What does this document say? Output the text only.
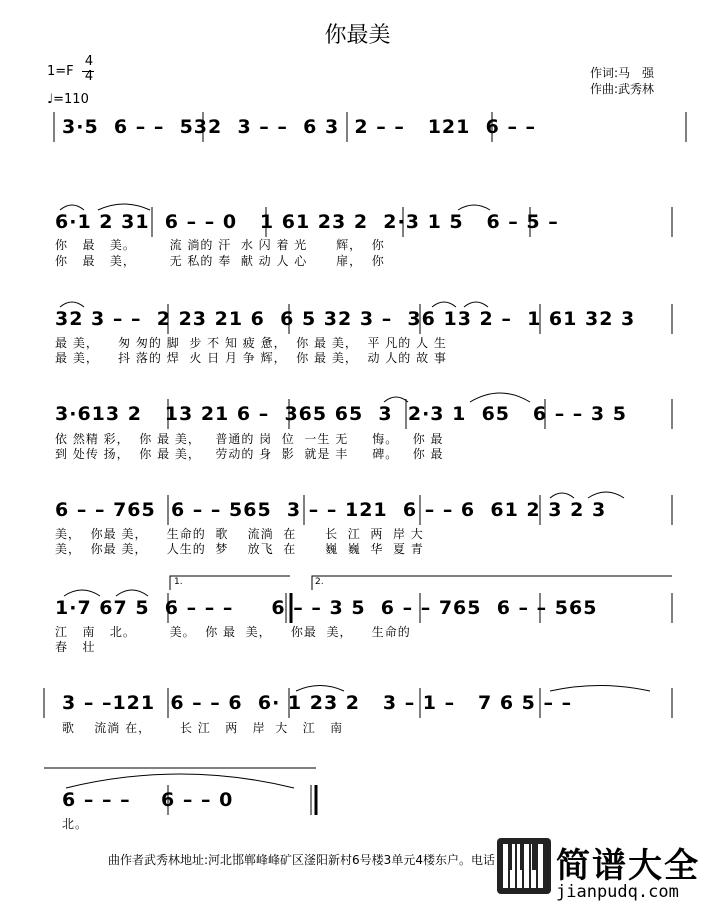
你最美
1=F
4
4
♩=110
作词:马　强
作曲:武秀林
3·5  6 – –  532  3 – –  6 3  2 – –   121  6 – –
6·1 2 31  6 – – 0   1 61 23 2  2·3 1 5   6 – 5 –
你   最   美。       流 淌的 汗  水 闪 着 光      辉，  你
你   最   美，       无 私的 奉  献 动 人 心      扉，  你
32 3 – –  2 23 21 6  6 5 32 3 –  36 13 2 –  1 61 32 3
最 美，    匆 匆的 脚  步 不 知 疲 惫，  你 最 美，  平 凡的 人 生
最 美，    抖 落的 焊  火 日 月 争 辉，  你 最 美，  动 人的 故 事
3·613 2   13 21 6 –  365 65  3  2·3 1  65   6 – – 3 5
依 然精 彩，  你 最 美，   普通的 岗  位  一生 无     悔。   你 最
到 处传 扬，  你 最 美，   劳动的 身  影  就是 丰     碑。   你 最
6 – – 765  6 – – 565  3 – – 121  6 – – 6  61 2 3 2 3
美，  你最 美，    生命的  歌    流淌  在      长  江  两  岸 大
美，  你最 美，    人生的  梦    放飞  在      巍  巍  华  夏 青
1.	2.
1·7 67 5  6 – – –     6 – – 3 5  6 – – 765  6 – – 565
江   南   北。       美。  你 最  美，    你最  美，    生命的
春   壮
3 – –121  6 – – 6  6· 1 23 2   3 – 1 –   7 6 5 – –
歌    流淌 在，      长 江   两   岸  大   江   南
6 – – –    6 – – 0
北。
曲作者武秀林地址:河北邯郸峰峰矿区滏阳新村6号楼3单元4楼东户。电话 简谱大全
jianpudq.com
